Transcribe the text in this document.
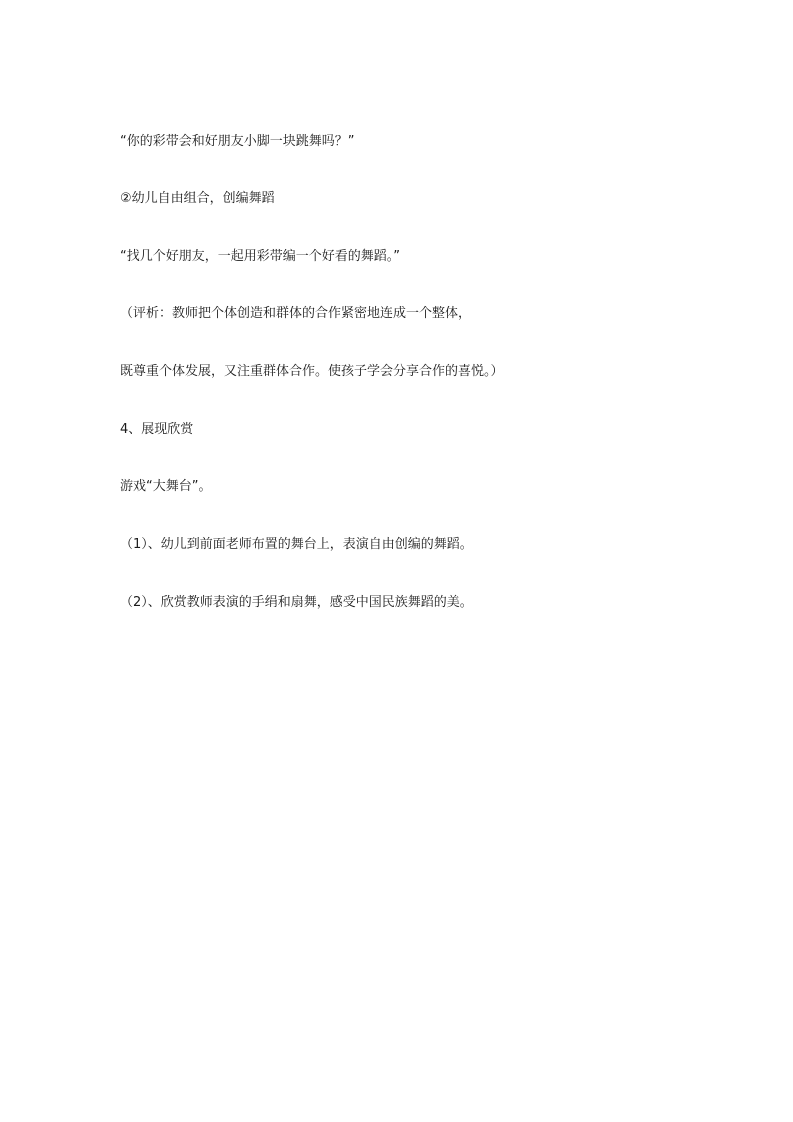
“你的彩带会和好朋友小脚一块跳舞吗？”

②幼儿自由组合，创编舞蹈

“找几个好朋友，一起用彩带编一个好看的舞蹈。”

（评析：教师把个体创造和群体的合作紧密地连成一个整体，

既尊重个体发展，又注重群体合作。使孩子学会分享合作的喜悦。）

4、展现欣赏

游戏“大舞台”。

（1）、幼儿到前面老师布置的舞台上，表演自由创编的舞蹈。

（2）、欣赏教师表演的手绢和扇舞，感受中国民族舞蹈的美。
